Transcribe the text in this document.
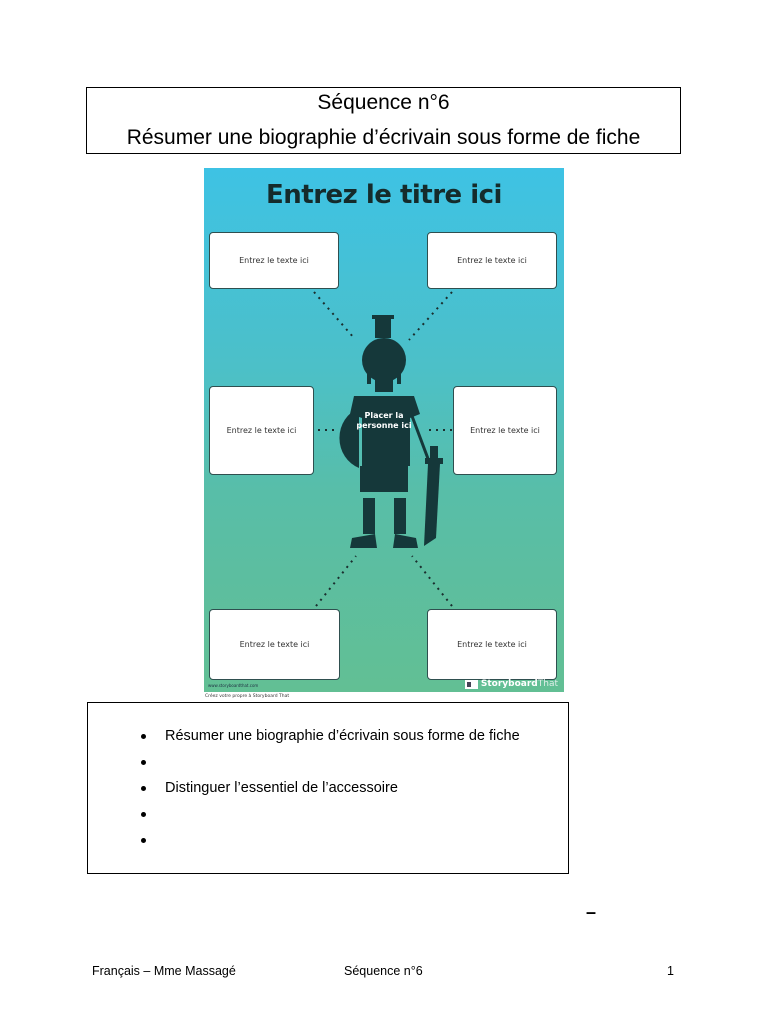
Séquence n°6
Résumer une biographie d’écrivain sous forme de fiche
Entrez le titre ici
Entrez le texte ici	Entrez le texte ici
Entrez le texte ici	Entrez le texte ici
Entrez le texte ici	Entrez le texte ici
Placer la personne ici
www.storyboardthat.com	Storyboard That
Créez votre propre à Storyboard That
Résumer une biographie d’écrivain sous forme de fiche
Distinguer l’essentiel de l’accessoire
–
Français – Mme Massagé	Séquence n°6	1
